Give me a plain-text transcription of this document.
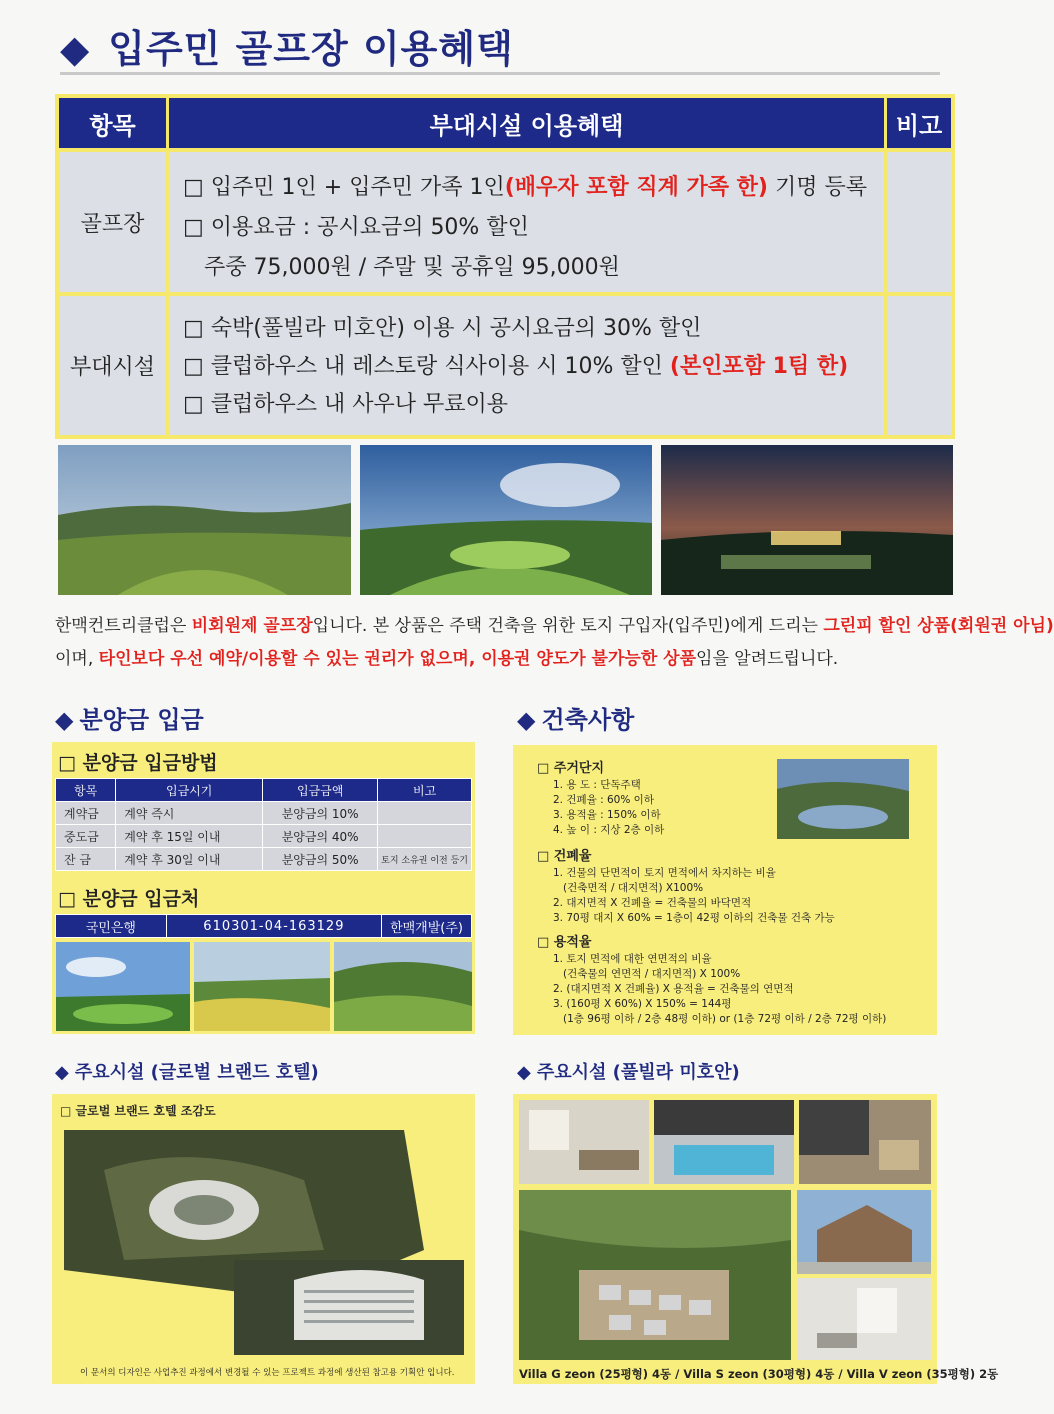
◆ 입주민 골프장 이용혜택
항목	부대시설 이용혜택	비고
골프장
□ 입주민 1인 + 입주민 가족 1인(배우자 포함 직계 가족 한) 기명 등록
□ 이용요금 : 공시요금의 50% 할인
주중 75,000원 / 주말 및 공휴일 95,000원
부대시설
□ 숙박(풀빌라 미호안) 이용 시 공시요금의 30% 할인
□ 클럽하우스 내 레스토랑 식사이용 시 10% 할인 (본인포함 1팀 한)
□ 클럽하우스 내 사우나 무료이용
한맥컨트리클럽은 비회원제 골프장입니다. 본 상품은 주택 건축을 위한 토지 구입자(입주민)에게 드리는 그린피 할인 상품(회원권 아님)
이며, 타인보다 우선 예약/이용할 수 있는 권리가 없으며, 이용권 양도가 불가능한 상품임을 알려드립니다.
◆ 분양금 입금	◆ 건축사항
□ 분양금 입금방법
항목	입금시기	입금금액	비고
계약금	계약 즉시	분양금의 10%	
중도금	계약 후 15일 이내	분양금의 40%	
잔 금	계약 후 30일 이내	분양금의 50%	토지 소유권 이전 등기
□ 분양금 입금처
국민은행	610301-04-163129	한맥개발(주)
□ 주거단지
1. 용 도 : 단독주택
2. 건폐율 : 60% 이하
3. 용적율 : 150% 이하
4. 높 이 : 지상 2층 이하
□ 건폐율
1. 건물의 단면적이 토지 면적에서 차지하는 비율
(건축면적 / 대지면적) X100%
2. 대지면적 X 건폐율 = 건축물의 바닥면적
3. 70평 대지 X 60% = 1층이 42평 이하의 건축물 건축 가능
□ 용적율
1. 토지 면적에 대한 연면적의 비율
(건축물의 연면적 / 대지면적) X 100%
2. (대지면적 X 건폐율) X 용적율 = 건축물의 연면적
3. (160평 X 60%) X 150% = 144평
(1층 96평 이하 / 2층 48평 이하) or (1층 72평 이하 / 2층 72평 이하)
◆ 주요시설 (글로벌 브랜드 호텔)	◆ 주요시설 (풀빌라 미호안)
□ 글로벌 브랜드 호텔 조감도
이 문서의 디자인은 사업추진 과정에서 변경될 수 있는 프로젝트 과정에 생산된 참고용 기획안 입니다.	Villa G zeon (25평형) 4동 / Villa S zeon (30평형) 4동 / Villa V zeon (35평형) 2동
